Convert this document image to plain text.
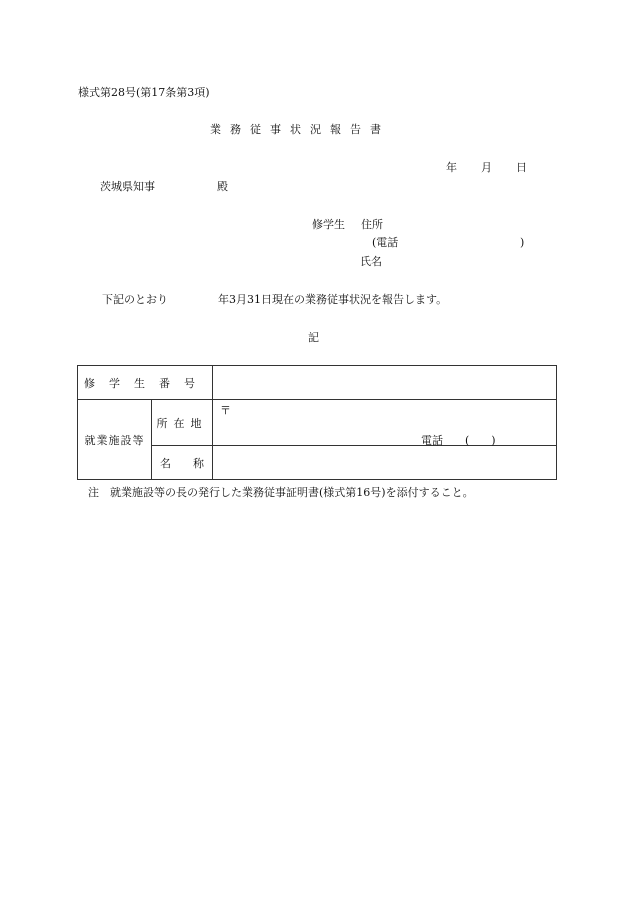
様式第28号(第17条第3項)
業務従事状況報告書
年 月 日
茨城県知事	殿
修学生 住所
(電話	)
氏名
下記のとおり	年3月31日現在の業務従事状況を報告します。
記
修学生番号		
就業施設等	所在地	〒
電話　　(　　)

	名　　称	
注　就業施設等の長の発行した業務従事証明書(様式第16号)を添付すること。
